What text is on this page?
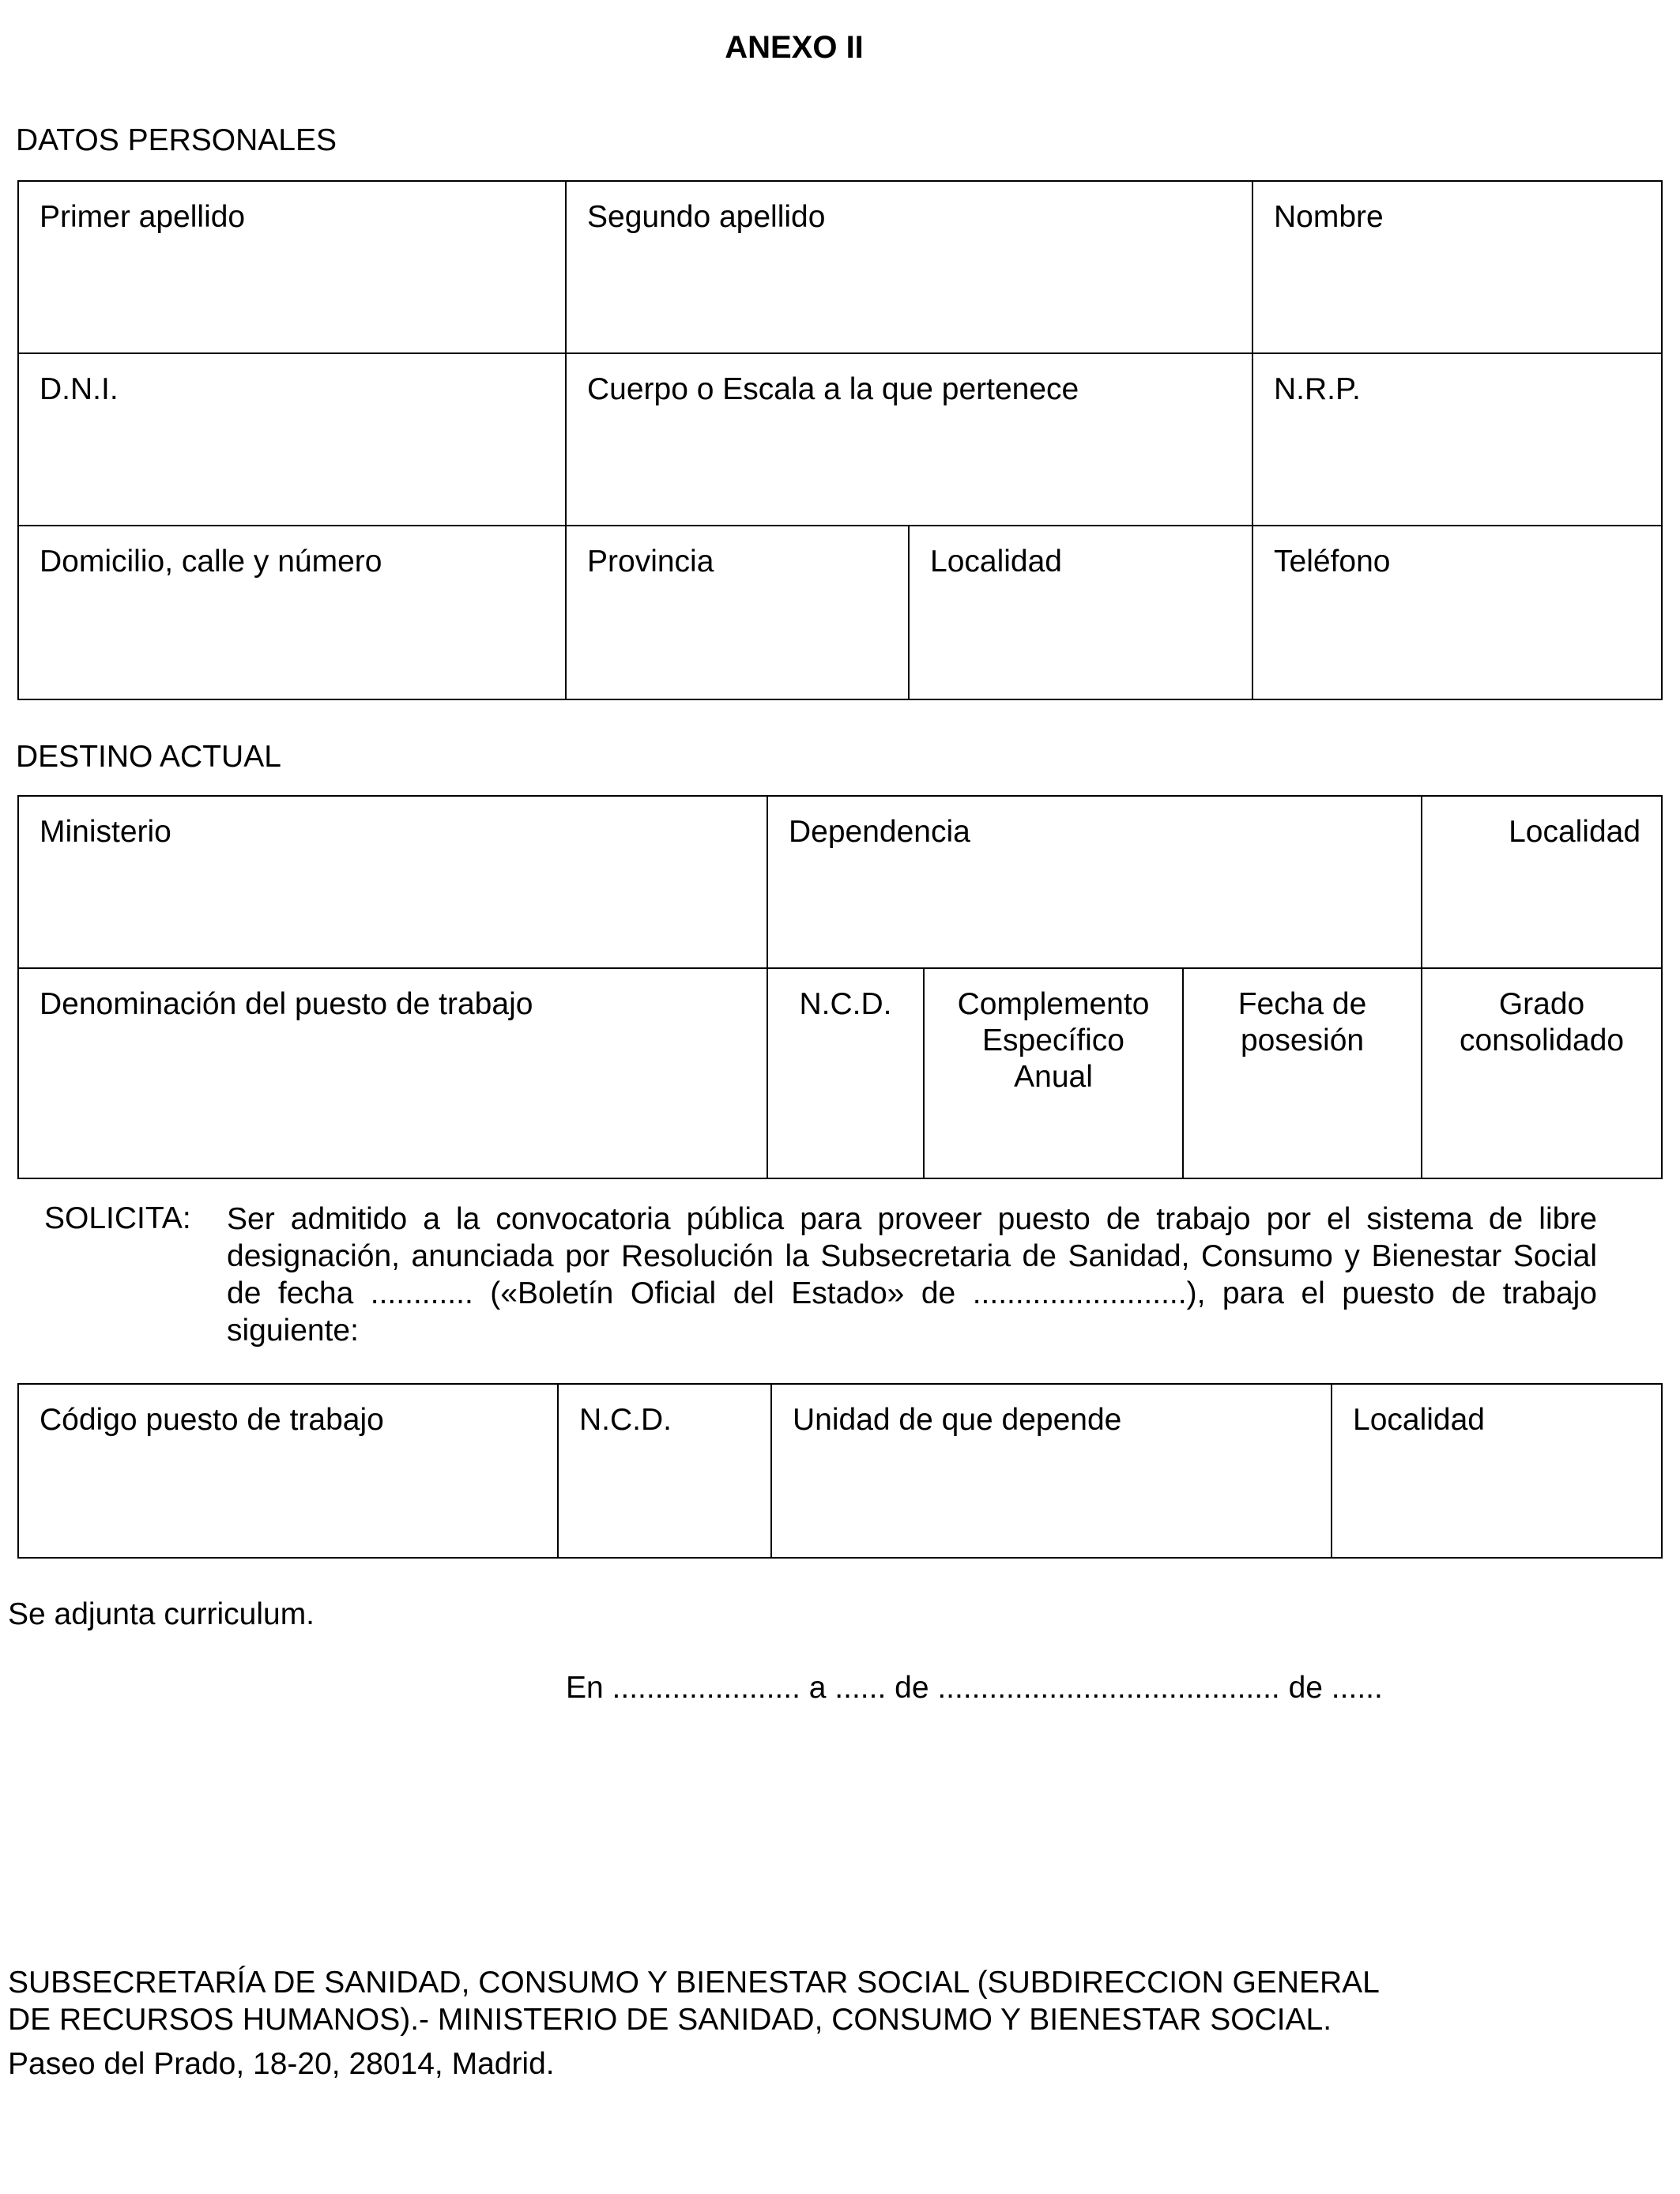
ANEXO II
DATOS PERSONALES
Primer apellido	Segundo apellido		Nombre
D.N.I.	Cuerpo o Escala a la que pertenece		N.R.P.
Domicilio, calle y número	Provincia	Localidad	Teléfono
DESTINO ACTUAL
Ministerio	Dependencia			Localidad
Denominación del puesto de trabajo	N.C.D.	Complemento Específico Anual	Fecha de posesión	Grado consolidado
SOLICITA: Ser admitido a la convocatoria pública para proveer puesto de trabajo por el sistema de libre designación, anunciada por Resolución la Subsecretaria de Sanidad, Consumo y Bienestar Social de fecha ............ («Boletín Oficial del Estado» de .........................), para el puesto de trabajo siguiente:
Código puesto de trabajo	N.C.D.	Unidad de que depende	Localidad
Se adjunta curriculum.
En ...................... a ...... de ........................................ de ......
SUBSECRETARÍA DE SANIDAD, CONSUMO Y BIENESTAR SOCIAL (SUBDIRECCION GENERAL
DE RECURSOS HUMANOS).- MINISTERIO DE SANIDAD, CONSUMO Y BIENESTAR SOCIAL.
Paseo del Prado, 18-20, 28014, Madrid.
